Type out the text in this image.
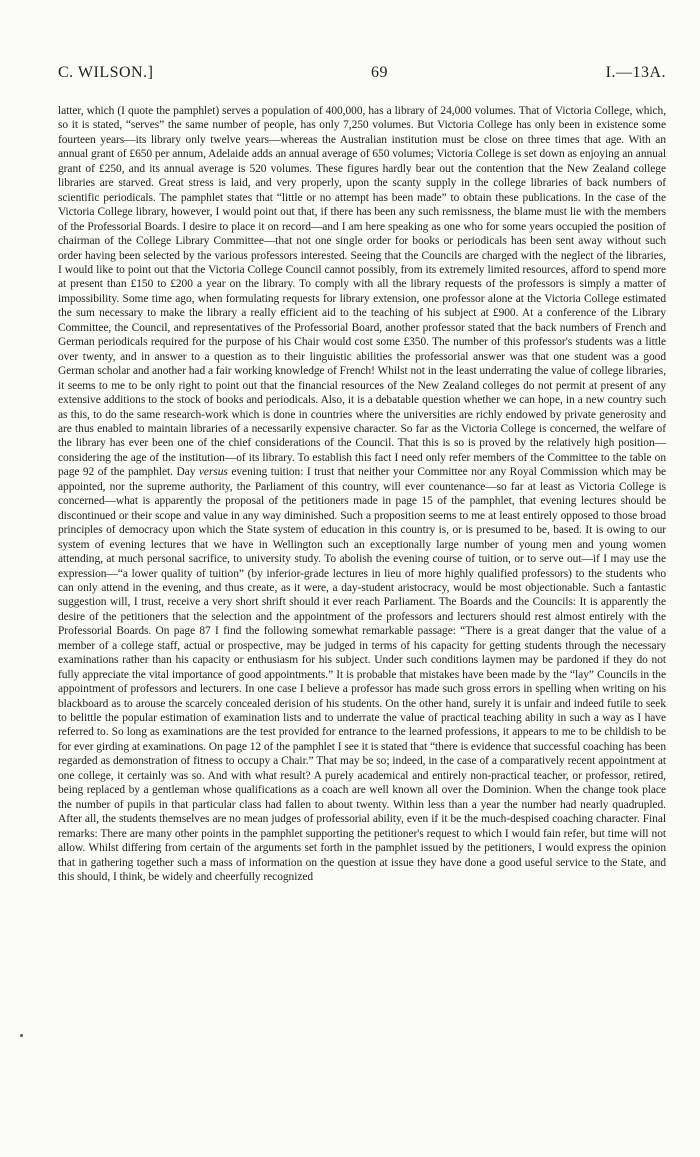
C. WILSON.]	69	I.—13A.

latter, which (I quote the pamphlet) serves a population of 400,000, has a library of 24,000 volumes. That of Victoria College, which, so it is stated, “serves” the same number of people, has only 7,250 volumes. But Victoria College has only been in existence some fourteen years—its library only twelve years—whereas the Australian institution must be close on three times that age. With an annual grant of £650 per annum, Adelaide adds an annual average of 650 volumes; Victoria College is set down as enjoying an annual grant of £250, and its annual average is 520 volumes. These figures hardly bear out the contention that the New Zealand college libraries are starved. Great stress is laid, and very properly, upon the scanty supply in the college libraries of back numbers of scientific periodicals. The pamphlet states that “little or no attempt has been made” to obtain these publications. In the case of the Victoria College library, however, I would point out that, if there has been any such remissness, the blame must lie with the members of the Professorial Boards. I desire to place it on record—and I am here speaking as one who for some years occupied the position of chairman of the College Library Committee—that not one single order for books or periodicals has been sent away without such order having been selected by the various professors interested. Seeing that the Councils are charged with the neglect of the libraries, I would like to point out that the Victoria College Council cannot possibly, from its extremely limited resources, afford to spend more at present than £150 to £200 a year on the library. To comply with all the library requests of the professors is simply a matter of impossibility. Some time ago, when formulating requests for library extension, one professor alone at the Victoria College estimated the sum necessary to make the library a really efficient aid to the teaching of his subject at £900. At a conference of the Library Committee, the Council, and representatives of the Professorial Board, another professor stated that the back numbers of French and German periodicals required for the purpose of his Chair would cost some £350. The number of this professor's students was a little over twenty, and in answer to a question as to their linguistic abilities the professorial answer was that one student was a good German scholar and another had a fair working knowledge of French! Whilst not in the least underrating the value of college libraries, it seems to me to be only right to point out that the financial resources of the New Zealand colleges do not permit at present of any extensive additions to the stock of books and periodicals. Also, it is a debatable question whether we can hope, in a new country such as this, to do the same research-work which is done in countries where the universities are richly endowed by private generosity and are thus enabled to maintain libraries of a necessarily expensive character. So far as the Victoria College is concerned, the welfare of the library has ever been one of the chief considerations of the Council. That this is so is proved by the relatively high position—considering the age of the institution—of its library. To establish this fact I need only refer members of the Committee to the table on page 92 of the pamphlet. Day versus evening tuition: I trust that neither your Committee nor any Royal Commission which may be appointed, nor the supreme authority, the Parliament of this country, will ever countenance—so far at least as Victoria College is concerned—what is apparently the proposal of the petitioners made in page 15 of the pamphlet, that evening lectures should be discontinued or their scope and value in any way diminished. Such a proposition seems to me at least entirely opposed to those broad principles of democracy upon which the State system of education in this country is, or is presumed to be, based. It is owing to our system of evening lectures that we have in Wellington such an exceptionally large number of young men and young women attending, at much personal sacrifice, to university study. To abolish the evening course of tuition, or to serve out—if I may use the expression—“a lower quality of tuition” (by inferior-grade lectures in lieu of more highly qualified professors) to the students who can only attend in the evening, and thus create, as it were, a day-student aristocracy, would be most objectionable. Such a fantastic suggestion will, I trust, receive a very short shrift should it ever reach Parliament. The Boards and the Councils: It is apparently the desire of the petitioners that the selection and the appointment of the professors and lecturers should rest almost entirely with the Professorial Boards. On page 87 I find the following somewhat remarkable passage: “There is a great danger that the value of a member of a college staff, actual or prospective, may be judged in terms of his capacity for getting students through the necessary examinations rather than his capacity or enthusiasm for his subject. Under such conditions laymen may be pardoned if they do not fully appreciate the vital importance of good appointments.” It is probable that mistakes have been made by the “lay” Councils in the appointment of professors and lecturers. In one case I believe a professor has made such gross errors in spelling when writing on his blackboard as to arouse the scarcely concealed derision of his students. On the other hand, surely it is unfair and indeed futile to seek to belittle the popular estimation of examination lists and to underrate the value of practical teaching ability in such a way as I have referred to. So long as examinations are the test provided for entrance to the learned professions, it appears to me to be childish to be for ever girding at examinations. On page 12 of the pamphlet I see it is stated that “there is evidence that successful coaching has been regarded as demonstration of fitness to occupy a Chair.” That may be so; indeed, in the case of a comparatively recent appointment at one college, it certainly was so. And with what result? A purely academical and entirely non-practical teacher, or professor, retired, being replaced by a gentleman whose qualifications as a coach are well known all over the Dominion. When the change took place the number of pupils in that particular class had fallen to about twenty. Within less than a year the number had nearly quadrupled. After all, the students themselves are no mean judges of professorial ability, even if it be the much-despised coaching character. Final remarks: There are many other points in the pamphlet supporting the petitioner's request to which I would fain refer, but time will not allow. Whilst differing from certain of the arguments set forth in the pamphlet issued by the petitioners, I would express the opinion that in gathering together such a mass of information on the question at issue they have done a good useful service to the State, and this should, I think, be widely and cheerfully recognized
